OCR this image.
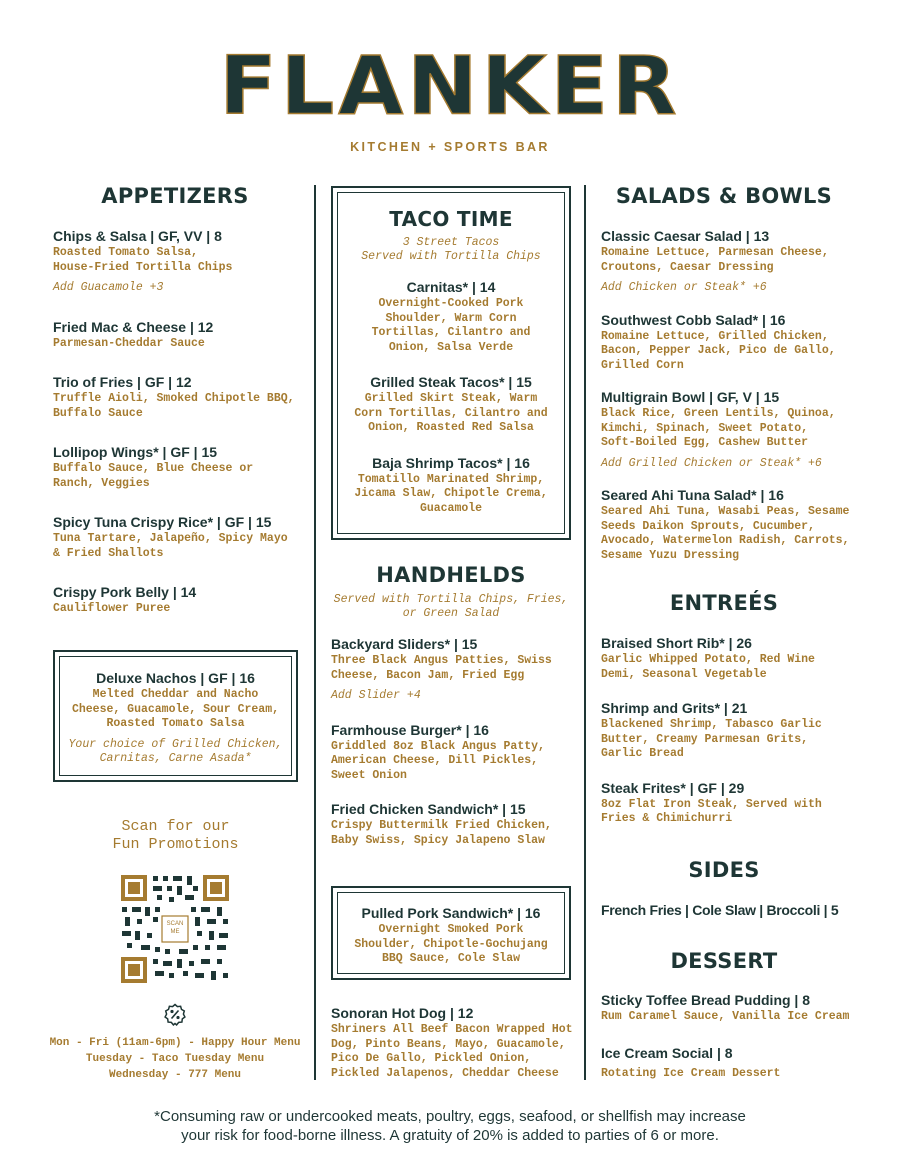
FLANKER
KITCHEN + SPORTS BAR
APPETIZERS
Chips & Salsa | GF, VV | 8
Roasted Tomato Salsa,
House-Fried Tortilla Chips
Add Guacamole +3
Fried Mac & Cheese | 12
Parmesan-Cheddar Sauce
Trio of Fries | GF | 12
Truffle Aioli, Smoked Chipotle BBQ,
Buffalo Sauce
Lollipop Wings* | GF | 15
Buffalo Sauce, Blue Cheese or
Ranch, Veggies
Spicy Tuna Crispy Rice* | GF | 15
Tuna Tartare, Jalapeño, Spicy Mayo
& Fried Shallots
Crispy Pork Belly | 14
Cauliflower Puree
Deluxe Nachos | GF | 16
Melted Cheddar and Nacho
Cheese, Guacamole, Sour Cream,
Roasted Tomato Salsa
Your choice of Grilled Chicken,
Carnitas, Carne Asada*
Scan for our
Fun Promotions
SCAN
ME
Mon - Fri (11am-6pm) - Happy Hour Menu
Tuesday - Taco Tuesday Menu
Wednesday - 777 Menu
TACO TIME
3 Street Tacos
Served with Tortilla Chips
Carnitas* | 14
Overnight-Cooked Pork
Shoulder, Warm Corn
Tortillas, Cilantro and
Onion, Salsa Verde
Grilled Steak Tacos* | 15
Grilled Skirt Steak, Warm
Corn Tortillas, Cilantro and
Onion, Roasted Red Salsa
Baja Shrimp Tacos* | 16
Tomatillo Marinated Shrimp,
Jicama Slaw, Chipotle Crema,
Guacamole
HANDHELDS
Served with Tortilla Chips, Fries,
or Green Salad
Backyard Sliders* | 15
Three Black Angus Patties, Swiss
Cheese, Bacon Jam, Fried Egg
Add Slider +4
Farmhouse Burger* | 16
Griddled 8oz Black Angus Patty,
American Cheese, Dill Pickles,
Sweet Onion
Fried Chicken Sandwich* | 15
Crispy Buttermilk Fried Chicken,
Baby Swiss, Spicy Jalapeno Slaw
Pulled Pork Sandwich* | 16
Overnight Smoked Pork
Shoulder, Chipotle-Gochujang
BBQ Sauce, Cole Slaw
Sonoran Hot Dog | 12
Shriners All Beef Bacon Wrapped Hot
Dog, Pinto Beans, Mayo, Guacamole,
Pico De Gallo, Pickled Onion,
Pickled Jalapenos, Cheddar Cheese
SALADS & BOWLS
Classic Caesar Salad | 13
Romaine Lettuce, Parmesan Cheese,
Croutons, Caesar Dressing
Add Chicken or Steak* +6
Southwest Cobb Salad* | 16
Romaine Lettuce, Grilled Chicken,
Bacon, Pepper Jack, Pico de Gallo,
Grilled Corn
Multigrain Bowl | GF, V | 15
Black Rice, Green Lentils, Quinoa,
Kimchi, Spinach, Sweet Potato,
Soft-Boiled Egg, Cashew Butter
Add Grilled Chicken or Steak* +6
Seared Ahi Tuna Salad* | 16
Seared Ahi Tuna, Wasabi Peas, Sesame
Seeds Daikon Sprouts, Cucumber,
Avocado, Watermelon Radish, Carrots,
Sesame Yuzu Dressing
ENTREÉS
Braised Short Rib* | 26
Garlic Whipped Potato, Red Wine
Demi, Seasonal Vegetable
Shrimp and Grits* | 21
Blackened Shrimp, Tabasco Garlic
Butter, Creamy Parmesan Grits,
Garlic Bread
Steak Frites* | GF | 29
8oz Flat Iron Steak, Served with
Fries & Chimichurri
SIDES
French Fries | Cole Slaw | Broccoli | 5
DESSERT
Sticky Toffee Bread Pudding | 8
Rum Caramel Sauce, Vanilla Ice Cream
Ice Cream Social | 8
Rotating Ice Cream Dessert
*Consuming raw or undercooked meats, poultry, eggs, seafood, or shellfish may increase
your risk for food-borne illness. A gratuity of 20% is added to parties of 6 or more.
